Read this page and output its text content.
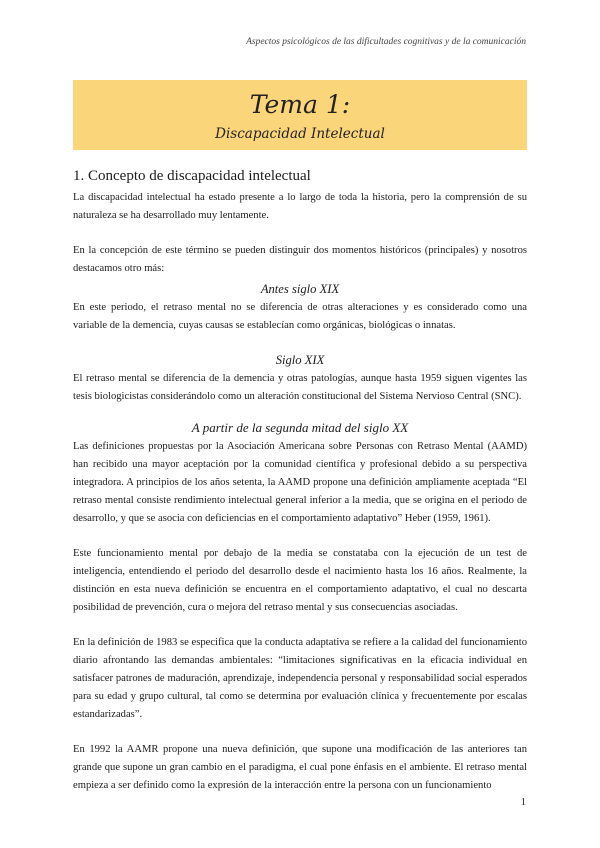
Aspectos psicológicos de las dificultades cognitivas y de la comunicación
Tema 1:
Discapacidad Intelectual
1. Concepto de discapacidad intelectual

La discapacidad intelectual ha estado presente a lo largo de toda la historia, pero la comprensión de su naturaleza se ha desarrollado muy lentamente.

En la concepción de este término se pueden distinguir dos momentos históricos (principales) y nosotros destacamos otro más:

Antes siglo XIX

En este periodo, el retraso mental no se diferencia de otras alteraciones y es considerado como una variable de la demencia, cuyas causas se establecían como orgánicas, biológicas o innatas.

Siglo XIX

El retraso mental se diferencia de la demencia y otras patologías, aunque hasta 1959 siguen vigentes las tesis biologicistas considerándolo como un alteración constitucional del Sistema Nervioso Central (SNC).

A partir de la segunda mitad del siglo XX

Las definiciones propuestas por la Asociación Americana sobre Personas con Retraso Mental (AAMD) han recibido una mayor aceptación por la comunidad científica y profesional debido a su perspectiva integradora. A principios de los años setenta, la AAMD propone una definición ampliamente aceptada “El retraso mental consiste rendimiento intelectual general inferior a la media, que se origina en el periodo de desarrollo, y que se asocia con deficiencias en el comportamiento adaptativo” Heber (1959, 1961).

Este funcionamiento mental por debajo de la media se constataba con la ejecución de un test de inteligencia, entendiendo el periodo del desarrollo desde el nacimiento hasta los 16 años. Realmente, la distinción en esta nueva definición se encuentra en el comportamiento adaptativo, el cual no descarta posibilidad de prevención, cura o mejora del retraso mental y sus consecuencias asociadas.

En la definición de 1983 se especifica que la conducta adaptativa se refiere a la calidad del funcionamiento diario afrontando las demandas ambientales: “limitaciones significativas en la eficacia individual en satisfacer patrones de maduración, aprendizaje, independencia personal y responsabilidad social esperados para su edad y grupo cultural, tal como se determina por evaluación clínica y frecuentemente por escalas estandarizadas”.

En 1992 la AAMR propone una nueva definición, que supone una modificación de las anteriores tan grande que supone un gran cambio en el paradigma, el cual pone énfasis en el ambiente. El retraso mental empieza a ser definido como la expresión de la interacción entre la persona con un funcionamiento

1
